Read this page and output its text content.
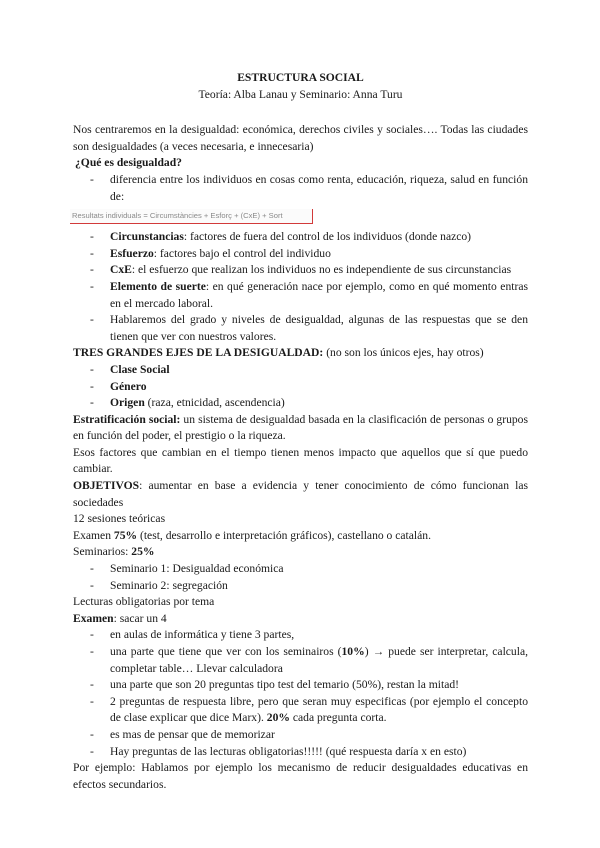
ESTRUCTURA SOCIAL

Teoría: Alba Lanau y Seminario: Anna Turu

Nos centraremos en la desigualdad: económica, derechos civiles y sociales…. Todas las ciudades son desigualdades (a veces necesaria, e innecesaria)

¿Qué es desigualdad?

- diferencia entre los individuos en cosas como renta, educación, riqueza, salud en función de:
Resultats individuals = Circumstàncies + Esforç + (CxE) + Sort
- Circunstancias: factores de fuera del control de los individuos (donde nazco)
- Esfuerzo: factores bajo el control del individuo
- CxE: el esfuerzo que realizan los individuos no es independiente de sus circunstancias
- Elemento de suerte: en qué generación nace por ejemplo, como en qué momento entras en el mercado laboral.
- Hablaremos del grado y niveles de desigualdad, algunas de las respuestas que se den tienen que ver con nuestros valores.

TRES GRANDES EJES DE LA DESIGUALDAD: (no son los únicos ejes, hay otros)

- Clase Social
- Género
- Origen (raza, etnicidad, ascendencia)

Estratificación social: un sistema de desigualdad basada en la clasificación de personas o grupos en función del poder, el prestigio o la riqueza.

Esos factores que cambian en el tiempo tienen menos impacto que aquellos que sí que puedo cambiar.

OBJETIVOS: aumentar en base a evidencia y tener conocimiento de cómo funcionan las sociedades

12 sesiones teóricas

Examen 75% (test, desarrollo e interpretación gráficos), castellano o catalán.

Seminarios: 25%

- Seminario 1: Desigualdad económica
- Seminario 2: segregación

Lecturas obligatorias por tema

Examen: sacar un 4

- en aulas de informática y tiene 3 partes,
- una parte que tiene que ver con los seminairos (10%) → puede ser interpretar, calcula, completar table… Llevar calculadora
- una parte que son 20 preguntas tipo test del temario (50%), restan la mitad!
- 2 preguntas de respuesta libre, pero que seran muy especificas (por ejemplo el concepto de clase explicar que dice Marx). 20% cada pregunta corta.
- es mas de pensar que de memorizar
- Hay preguntas de las lecturas obligatorias!!!!! (qué respuesta daría x en esto)

Por ejemplo: Hablamos por ejemplo los mecanismo de reducir desigualdades educativas en efectos secundarios.
